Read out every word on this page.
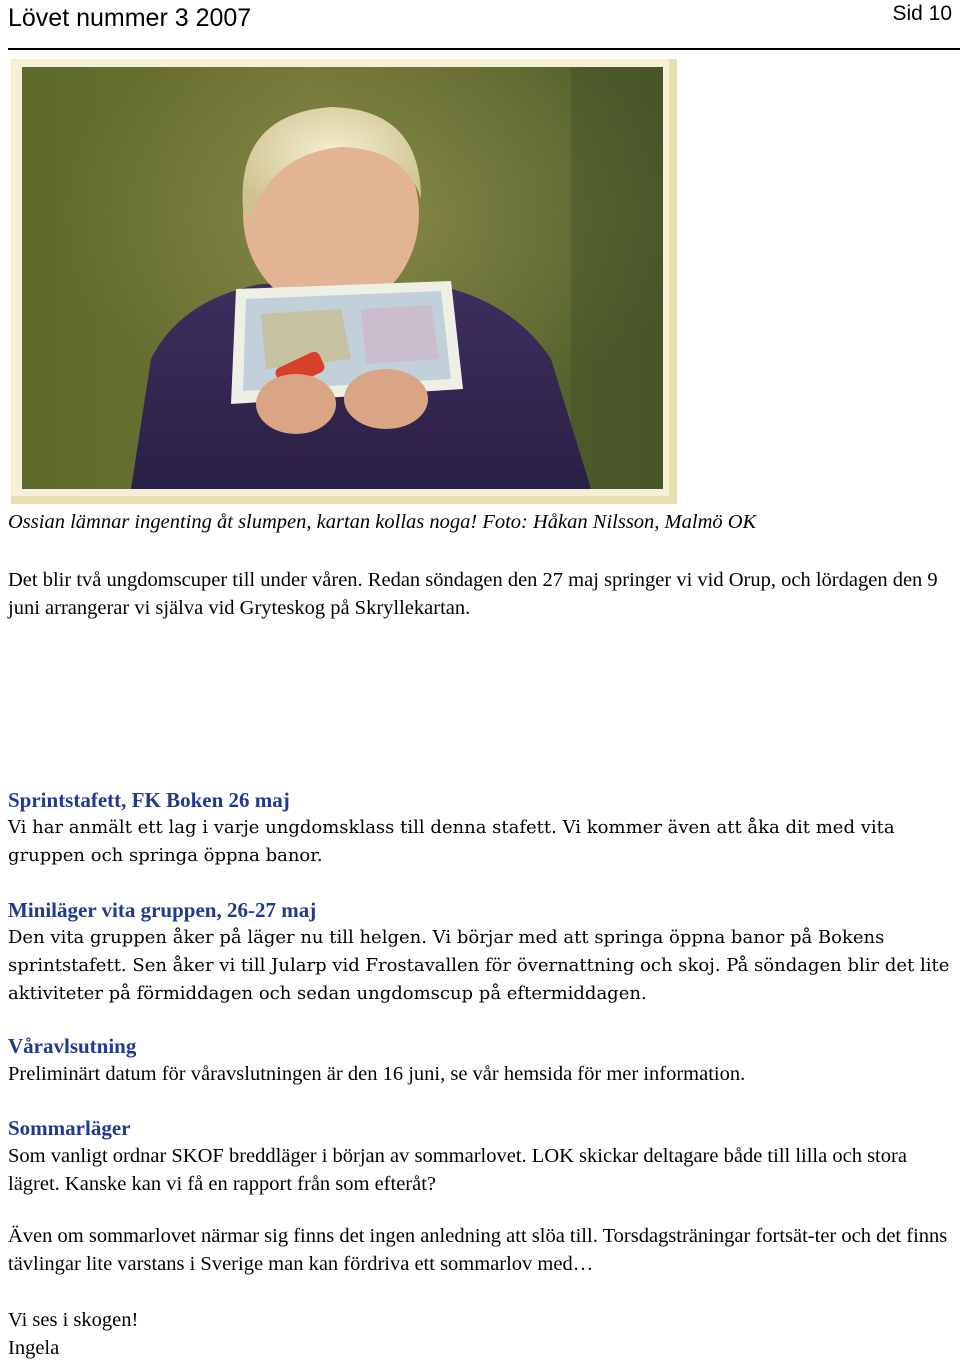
Lövet nummer 3 2007	Sid 10
Ossian lämnar ingenting åt slumpen, kartan kollas noga! Foto: Håkan Nilsson, Malmö OK

Det blir två ungdomscuper till under våren. Redan söndagen den 27 maj springer vi vid Orup, och lördagen den 9 juni arrangerar vi själva vid Gryteskog på Skryllekartan.

Sprintstafett, FK Boken 26 maj

Vi har anmält ett lag i varje ungdomsklass till denna stafett. Vi kommer även att åka dit med vita gruppen och springa öppna banor.

Miniläger vita gruppen, 26-27 maj

Den vita gruppen åker på läger nu till helgen. Vi börjar med att springa öppna banor på Bokens sprintstafett. Sen åker vi till Jularp vid Frostavallen för övernattning och skoj. På söndagen blir det lite aktiviteter på förmiddagen och sedan ungdomscup på eftermiddagen.

Våravlsutning

Preliminärt datum för våravslutningen är den 16 juni, se vår hemsida för mer information.

Sommarläger

Som vanligt ordnar SKOF breddläger i början av sommarlovet. LOK skickar deltagare både till lilla och stora lägret. Kanske kan vi få en rapport från som efteråt?

Även om sommarlovet närmar sig finns det ingen anledning att slöa till. Torsdagsträningar fortsät-ter och det finns tävlingar lite varstans i Sverige man kan fördriva ett sommarlov med…

Vi ses i skogen!
Ingela
